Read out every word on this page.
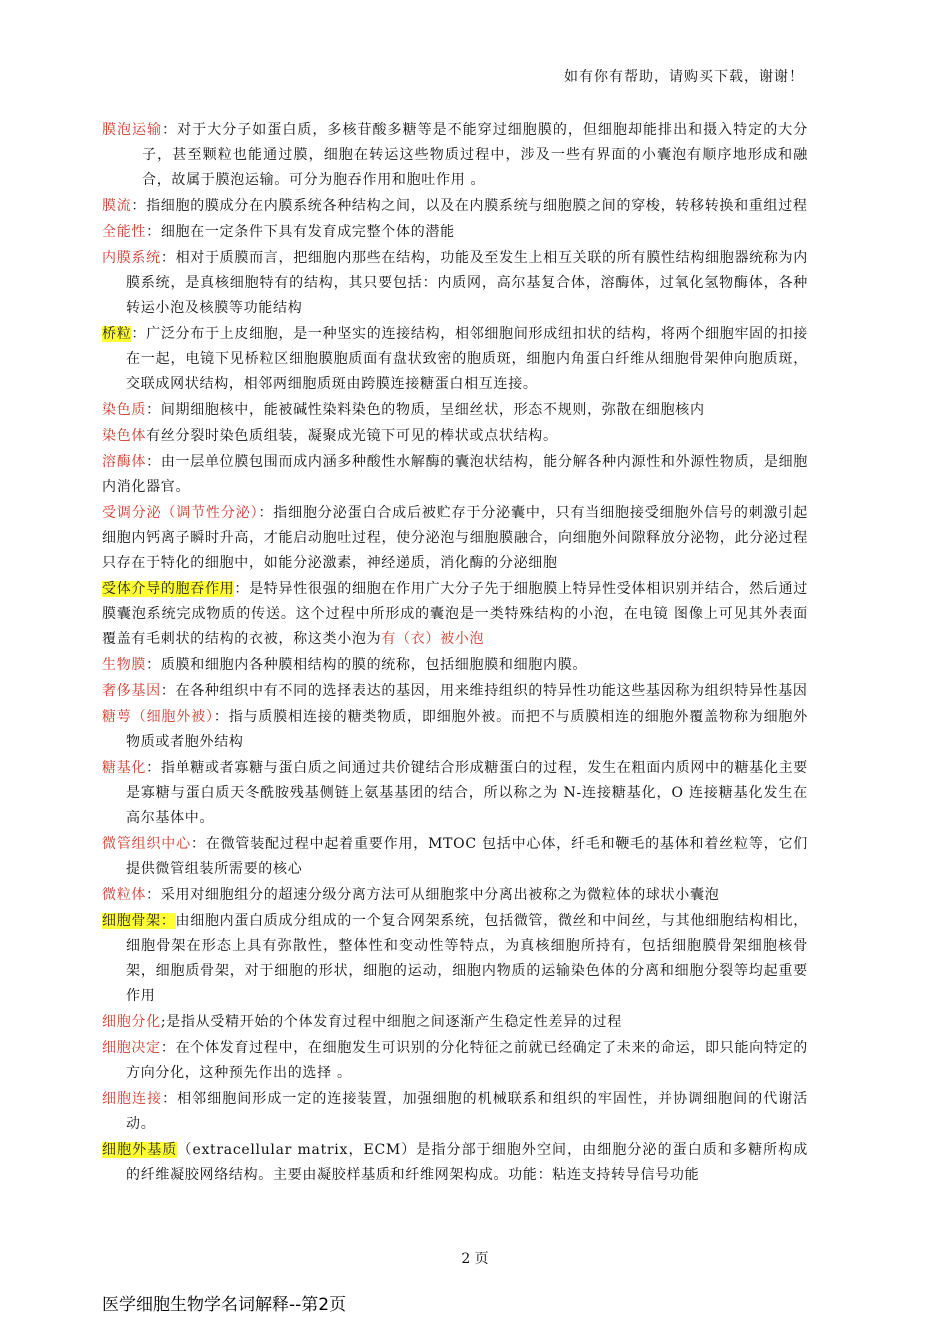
如有你有帮助，请购买下载，谢谢！

膜泡运输：对于大分子如蛋白质，多核苷酸多糖等是不能穿过细胞膜的，但细胞却能排出和摄入特定的大分子，甚至颗粒也能通过膜，细胞在转运这些物质过程中，涉及一些有界面的小囊泡有顺序地形成和融合，故属于膜泡运输。可分为胞吞作用和胞吐作用 。

膜流：指细胞的膜成分在内膜系统各种结构之间，以及在内膜系统与细胞膜之间的穿梭，转移转换和重组过程

全能性：细胞在一定条件下具有发育成完整个体的潜能

内膜系统：相对于质膜而言，把细胞内那些在结构，功能及至发生上相互关联的所有膜性结构细胞器统称为内膜系统，是真核细胞特有的结构，其只要包括：内质网，高尔基复合体，溶酶体，过氧化氢物酶体，各种转运小泡及核膜等功能结构

桥粒：广泛分布于上皮细胞，是一种坚实的连接结构，相邻细胞间形成纽扣状的结构，将两个细胞牢固的扣接在一起，电镜下见桥粒区细胞膜胞质面有盘状致密的胞质斑，细胞内角蛋白纤维从细胞骨架伸向胞质斑，交联成网状结构，相邻两细胞质斑由跨膜连接糖蛋白相互连接。

染色质：间期细胞核中，能被碱性染料染色的物质，呈细丝状，形态不规则，弥散在细胞核内

染色体有丝分裂时染色质组装，凝聚成光镜下可见的棒状或点状结构。

溶酶体：由一层单位膜包围而成内涵多种酸性水解酶的囊泡状结构，能分解各种内源性和外源性物质，是细胞内消化器官。

受调分泌（调节性分泌）：指细胞分泌蛋白合成后被贮存于分泌囊中，只有当细胞接受细胞外信号的刺激引起细胞内钙离子瞬时升高，才能启动胞吐过程，使分泌泡与细胞膜融合，向细胞外间隙释放分泌物，此分泌过程只存在于特化的细胞中，如能分泌激素，神经递质，消化酶的分泌细胞

受体介导的胞吞作用：是特异性很强的细胞在作用广大分子先于细胞膜上特异性受体相识别并结合，然后通过膜囊泡系统完成物质的传送。这个过程中所形成的囊泡是一类特殊结构的小泡，在电镜 图像上可见其外表面覆盖有毛刺状的结构的衣被，称这类小泡为有（衣）被小泡

生物膜：质膜和细胞内各种膜相结构的膜的统称，包括细胞膜和细胞内膜。

奢侈基因：在各种组织中有不同的选择表达的基因，用来维持组织的特异性功能这些基因称为组织特异性基因

糖萼（细胞外被）：指与质膜相连接的糖类物质，即细胞外被。而把不与质膜相连的细胞外覆盖物称为细胞外物质或者胞外结构

糖基化：指单糖或者寡糖与蛋白质之间通过共价键结合形成糖蛋白的过程，发生在粗面内质网中的糖基化主要是寡糖与蛋白质天冬酰胺残基侧链上氨基基团的结合，所以称之为 N-连接糖基化，O 连接糖基化发生在高尔基体中。

微管组织中心：在微管装配过程中起着重要作用，MTOC 包括中心体，纤毛和鞭毛的基体和着丝粒等，它们提供微管组装所需要的核心

微粒体：采用对细胞组分的超速分级分离方法可从细胞浆中分离出被称之为微粒体的球状小囊泡

细胞骨架：由细胞内蛋白质成分组成的一个复合网架系统，包括微管，微丝和中间丝，与其他细胞结构相比，细胞骨架在形态上具有弥散性，整体性和变动性等特点，为真核细胞所持有，包括细胞膜骨架细胞核骨架，细胞质骨架，对于细胞的形状，细胞的运动，细胞内物质的运输染色体的分离和细胞分裂等均起重要作用

细胞分化;是指从受精开始的个体发育过程中细胞之间逐渐产生稳定性差异的过程

细胞决定：在个体发育过程中，在细胞发生可识别的分化特征之前就已经确定了未来的命运，即只能向特定的方向分化，这种预先作出的选择 。

细胞连接：相邻细胞间形成一定的连接装置，加强细胞的机械联系和组织的牢固性，并协调细胞间的代谢活动。

细胞外基质（extracellular matrix，ECM）是指分部于细胞外空间，由细胞分泌的蛋白质和多糖所构成的纤维凝胶网络结构。主要由凝胶样基质和纤维网架构成。功能：粘连支持转导信号功能

2 页
医学细胞生物学名词解释--第2页
